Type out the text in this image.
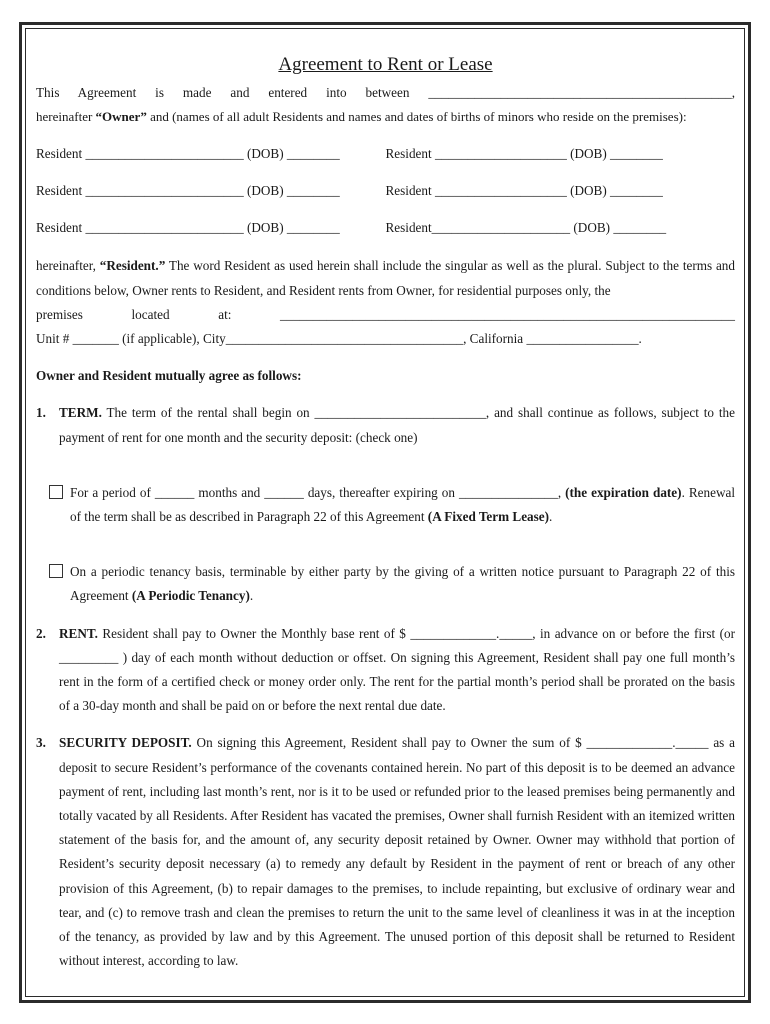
Agreement to Rent or Lease

This Agreement is made and entered into between ______________________________________________,

hereinafter “Owner” and (names of all adult Residents and names and dates of births of minors who reside on the premises):

Resident ________________________ (DOB) ________	Resident ____________________ (DOB) ________
Resident ________________________ (DOB) ________	Resident ____________________ (DOB) ________
Resident ________________________ (DOB) ________	Resident_____________________ (DOB) ________

hereinafter, “Resident.” The word Resident as used herein shall include the singular as well as the plural. Subject to the terms and conditions below, Owner rents to Resident, and Resident rents from Owner, for residential purposes only, the

premises located at: _____________________________________________________________________

Unit # _______ (if applicable), City____________________________________, California _________________.

Owner and Resident mutually agree as follows:

1. TERM. The term of the rental shall begin on __________________________, and shall continue as follows, subject to the payment of rent for one month and the security deposit: (check one)
For a period of ______ months and ______ days, thereafter expiring on _______________, (the expiration date). Renewal of the term shall be as described in Paragraph 22 of this Agreement (A Fixed Term Lease).
On a periodic tenancy basis, terminable by either party by the giving of a written notice pursuant to Paragraph 22 of this Agreement (A Periodic Tenancy).
2. RENT. Resident shall pay to Owner the Monthly base rent of $ _____________._____, in advance on or before the first (or _________ ) day of each month without deduction or offset. On signing this Agreement, Resident shall pay one full month’s rent in the form of a certified check or money order only. The rent for the partial month’s period shall be prorated on the basis of a 30-day month and shall be paid on or before the next rental due date.
3. SECURITY DEPOSIT. On signing this Agreement, Resident shall pay to Owner the sum of $ _____________._____ as a deposit to secure Resident’s performance of the covenants contained herein. No part of this deposit is to be deemed an advance payment of rent, including last month’s rent, nor is it to be used or refunded prior to the leased premises being permanently and totally vacated by all Residents. After Resident has vacated the premises, Owner shall furnish Resident with an itemized written statement of the basis for, and the amount of, any security deposit retained by Owner. Owner may withhold that portion of Resident’s security deposit necessary (a) to remedy any default by Resident in the payment of rent or breach of any other provision of this Agreement, (b) to repair damages to the premises, to include repainting, but exclusive of ordinary wear and tear, and (c) to remove trash and clean the premises to return the unit to the same level of cleanliness it was in at the inception of the tenancy, as provided by law and by this Agreement. The unused portion of this deposit shall be returned to Resident without interest, according to law.
